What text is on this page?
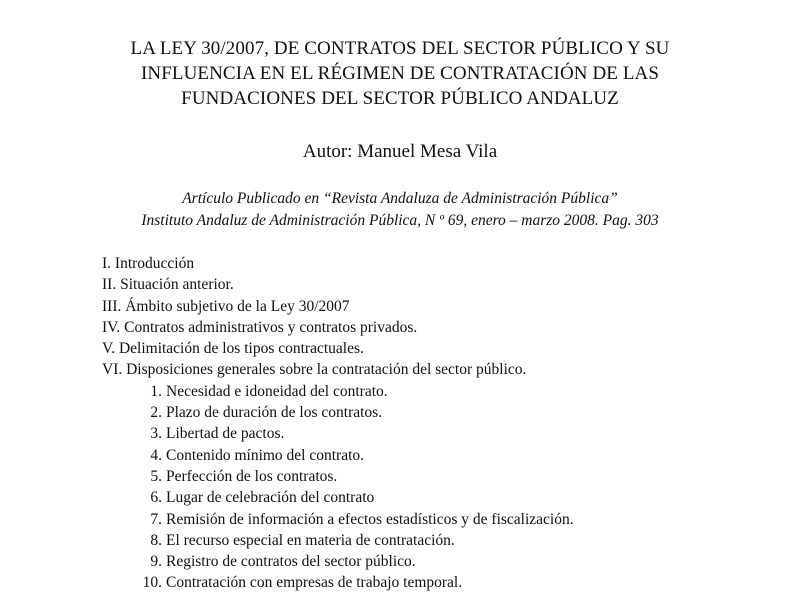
LA LEY 30/2007, DE CONTRATOS DEL SECTOR PÚBLICO Y SU
INFLUENCIA EN EL RÉGIMEN DE CONTRATACIÓN DE LAS
FUNDACIONES DEL SECTOR PÚBLICO ANDALUZ
Autor: Manuel Mesa Vila
Artículo Publicado en “Revista Andaluza de Administración Pública”
Instituto Andaluz de Administración Pública, N º 69, enero – marzo 2008. Pag. 303
I. Introducción
II. Situación anterior.
III. Ámbito subjetivo de la Ley 30/2007
IV. Contratos administrativos y contratos privados.
V. Delimitación de los tipos contractuales.
VI. Disposiciones generales sobre la contratación del sector público.
1. Necesidad e idoneidad del contrato.
2. Plazo de duración de los contratos.
3. Libertad de pactos.
4. Contenido mínimo del contrato.
5. Perfección de los contratos.
6. Lugar de celebración del contrato
7. Remisión de información a efectos estadísticos y de fiscalización.
8. El recurso especial en materia de contratación.
9. Registro de contratos del sector público.
10. Contratación con empresas de trabajo temporal.
